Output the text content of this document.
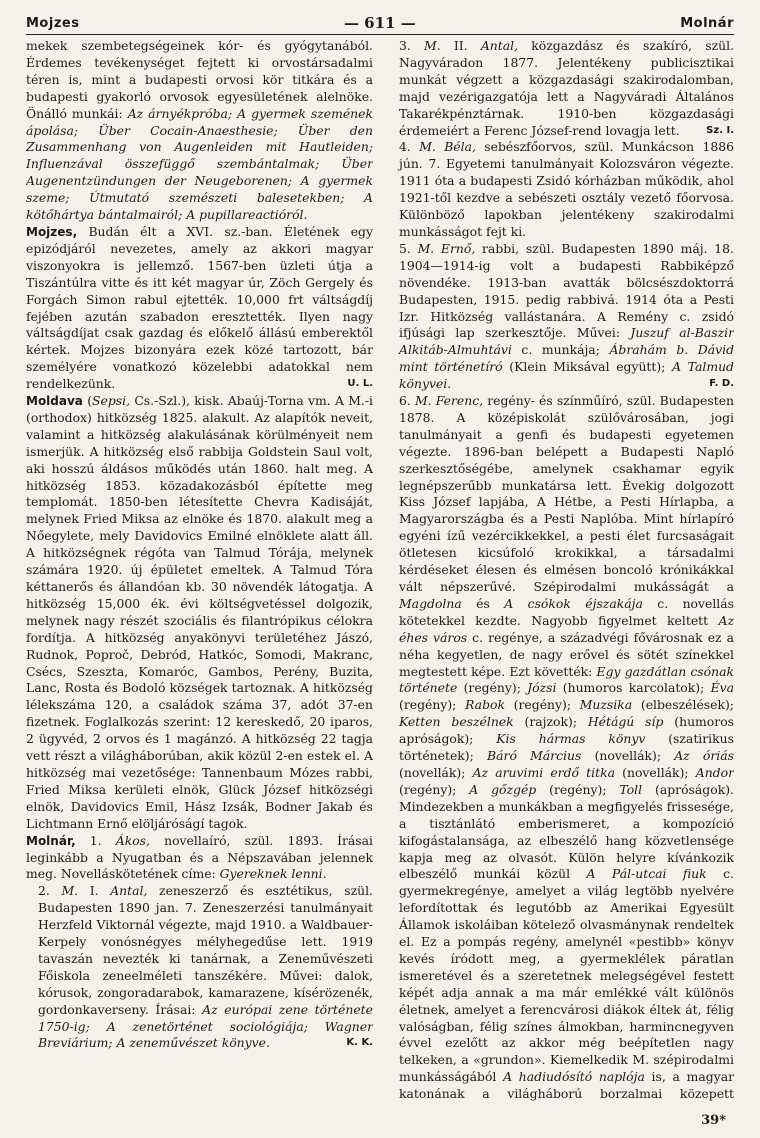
Mojzes	— 611 —	Molnár

mekek szembetegségeinek kór- és gyógytanából. Érdemes tevékenységet fejtett ki orvostársadalmi téren is, mint a budapesti orvosi kör titkára és a budapesti gyakorló orvosok egyesületének alelnöke. Önálló munkái: Az árnyékpróba; A gyermek szemének ápolása; Über Cocain-Anaesthesie; Über den Zusammenhang von Augenleiden mit Hautleiden; Influenzával összefüggő szembántalmak; Über Augenentzündungen der Neugeborenen; A gyermek szeme; Útmutató szemészeti balesetekben; A kötőhártya bántalmairól; A pupillareactióról.

Mojzes, Budán élt a XVI. sz.-ban. Életének egy epizódjáról nevezetes, amely az akkori magyar viszonyokra is jellemző. 1567-ben üzleti útja a Tiszántúlra vitte és itt két magyar úr, Zöch Gergely és Forgách Simon rabul ejtették. 10,000 frt váltságdíj fejében azután szabadon eresztették. Ilyen nagy váltságdíjat csak gazdag és előkelő állású emberektől kértek. Mojzes bizonyára ezek közé tartozott, bár személyére vonatkozó közelebbi adatokkal nem rendelkezünk.	U. L.

Moldava (Sepsi, Cs.-Szl.), kisk. Abaúj-Torna vm. A M.-i (orthodox) hitközség 1825. alakult. Az alapítók neveit, valamint a hitközség alakulásának körülményeit nem ismerjük. A hitközség első rabbija Goldstein Saul volt, aki hosszú áldásos működés után 1860. halt meg. A hitközség 1853. közadakozásból építette meg templomát. 1850-ben létesítette Chevra Kadisáját, melynek Fried Miksa az elnöke és 1870. alakult meg a Nőegylete, mely Davidovics Emilné elnöklete alatt áll. A hitközségnek régóta van Talmud Tórája, melynek számára 1920. új épületet emeltek. A Talmud Tóra kéttanerős és állandóan kb. 30 növendék látogatja. A hitközség 15,000 ék. évi költségvetéssel dolgozik, melynek nagy részét szociális és filantrópikus célokra fordítja. A hitközség anyakönyvi területéhez Jászó, Rudnok, Poproč, Debród, Hatkóc, Somodi, Makranc, Csécs, Szeszta, Komaróc, Gambos, Perény, Buzita, Lanc, Rosta és Bodoló községek tartoznak. A hitközség lélekszáma 120, a családok száma 37, adót 37-en fizetnek. Foglalkozás szerint: 12 kereskedő, 20 iparos, 2 ügyvéd, 2 orvos és 1 magánzó. A hitközség 22 tagja vett részt a világháborúban, akik közül 2-en estek el. A hitközség mai vezetősége: Tannenbaum Mózes rabbi, Fried Miksa kerületi elnök, Glück József hitközségi elnök, Davidovics Emil, Hász Izsák, Bodner Jakab és Lichtmann Ernő elöljáróságí tagok.

Molnár, 1. Ákos, novellaíró, szül. 1893. Írásai leginkább a Nyugatban és a Népszavában jelennek meg. Novelláskötetének címe: Gyereknek lenni.

2. M. I. Antal, zeneszerző és esztétikus, szül. Budapesten 1890 jan. 7. Zeneszerzési tanulmányait Herzfeld Viktornál végezte, majd 1910. a Waldbauer-Kerpely vonósnégyes mélyhegedűse lett. 1919 tavaszán nevezték ki tanárnak, a Zeneművészeti Főiskola zeneelméleti tanszékére. Művei: dalok, kórusok, zongoradarabok, kamarazene, kísérözenék, gordonkaverseny. Írásai: Az európai zene története 1750-ig; A zenetörténet sociológiája; Wagner Breviárium; A zeneművészet könyve.	K. K.

3. M. II. Antal, közgazdász és szakíró, szül. Nagyváradon 1877. Jelentékeny publicisztikai munkát végzett a közgazdasági szakirodalomban, majd vezérigazgatója lett a Nagyváradi Általános Takarékpénztárnak. 1910-ben közgazdasági érdemeiért a Ferenc József-rend lovagja lett.	Sz. I.

4. M. Béla, sebészfőorvos, szül. Munkácson 1886 jún. 7. Egyetemi tanulmányait Kolozsváron végezte. 1911 óta a budapesti Zsidó kórházban működik, ahol 1921-től kezdve a sebészeti osztály vezető főorvosa. Különböző lapokban jelentékeny szakirodalmi munkásságot fejt ki.

5. M. Ernő, rabbi, szül. Budapesten 1890 máj. 18. 1904—1914-ig volt a budapesti Rabbiképző növendéke. 1913-ban avatták bölcsészdoktorrá Budapesten, 1915. pedig rabbivá. 1914 óta a Pesti Izr. Hitközség vallástanára. A Remény c. zsidó ifjúsági lap szerkesztője. Művei: Juszuf al-Baszir Alkitáb-Almuhtávi c. munkája; Ábrahám b. Dávid mint történetíró (Klein Miksával együtt); A Talmud könyvei.	F. D.

6. M. Ferenc, regény- és színműíró, szül. Budapesten 1878. A középiskolát szülővárosában, jogi tanulmányait a genfi és budapesti egyetemen végezte. 1896-ban belépett a Budapesti Napló szerkesztőségébe, amelynek csakhamar egyik legnépszerűbb munkatársa lett. Évekig dolgozott Kiss József lapjába, A Hétbe, a Pesti Hírlapba, a Magyarországba és a Pesti Naplóba. Mint hírlapíró egyéni ízű vezércikkekkel, a pesti élet furcsaságait ötletesen kicsúfoló krokikkal, a társadalmi kérdéseket élesen és elmésen boncoló krónikákkal vált népszerűvé. Szépirodalmi mukásságát a Magdolna és A csókok éjszakája c. novellás kötetekkel kezdte. Nagyobb figyelmet keltett Az éhes város c. regénye, a századvégi fővárosnak ez a néha kegyetlen, de nagy erővel és sötét színekkel megtestett képe. Ezt követték: Egy gazdátlan csónak története (regény); Józsi (humoros karcolatok); Éva (regény); Rabok (regény); Muzsika (elbeszélések); Ketten beszélnek (rajzok); Hétágú síp (humoros apróságok); Kis hármas könyv (szatirikus történetek); Báró Március (novellák); Az óriás (novellák); Az aruvimi erdő titka (novellák); Andor (regény); A gőzgép (regény); Toll (apróságok). Mindezekben a munkákban a megfigyelés frissesége, a tisztánlátó emberismeret, a kompozíció kifogástalansága, az elbeszélő hang közvetlensége kapja meg az olvasót. Külön helyre kívánkozik elbeszélő munkái közül A Pál-utcai fiuk c. gyermekregénye, amelyet a világ legtöbb nyelvére lefordítottak és legutóbb az Amerikai Egyesült Államok iskoláiban kötelező olvasmánynak rendeltek el. Ez a pompás regény, amelynél «pestibb» könyv kevés íródott meg, a gyermeklélek páratlan ismeretével és a szeretetnek melegségével festett képét adja annak a ma már emlékké vált különös életnek, amelyet a ferencvárosi diákok éltek át, félig valóságban, félig színes álmokban, harmincnegyven évvel ezelőtt az akkor még beépítetlen nagy telkeken, a «grundon». Kiemelkedik M. szépirodalmi munkásságából A hadiudósító naplója is, a magyar katonának a világháború borzalmai közepett

39*
